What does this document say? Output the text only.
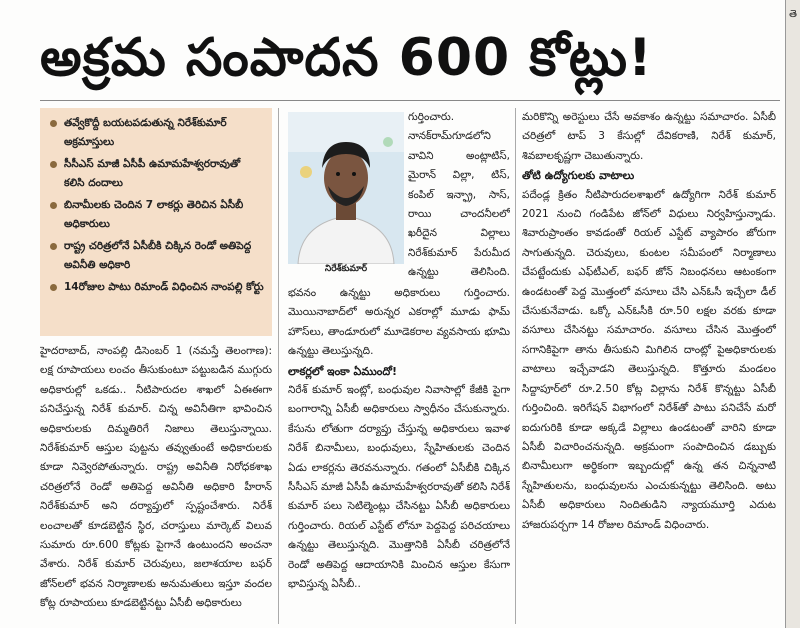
అక్రమ సంపాదన 600 కోట్లు!
తె
తవ్వేకొద్దీ బయటపడుతున్న నిరేశ్‌కుమార్ అక్రమాస్తులు
సీసీఎస్ మాజీ ఏసీపీ ఉమామహేశ్వరరావుతో కలిసి దందాలు
బినామీలకు చెందిన 7 లాకర్లు తెరిచిన ఏసీబీ అధికారులు
రాష్ట్ర చరిత్రలోనే ఏసీబీకి చిక్కిన రెండో అతిపెద్ద అవినీతి అధికారి
14రోజుల పాటు రిమాండ్ విధించిన నాంపల్లి కోర్టు

హైదరాబాద్, నాంపల్లి డిసెంబర్ 1 (నమస్తే తెలంగాణ): లక్ష రూపాయలు లంచం తీసుకుంటూ పట్టుబడిన ముగ్గురు అధికారుల్లో ఒకడు.. నీటిపారుదల శాఖలో ఏఈఈగా పనిచేస్తున్న నిరేశ్ కుమార్. చిన్న అవినీతిగా భావించిన అధికారులకు దిమ్మతిరిగే నిజాలు తెలుస్తున్నాయి. నిరేశ్‌కుమార్ ఆస్తుల పుట్టను తవ్వుతుంటే అధికారులకు కూడా నివ్వెరపోతున్నారు. రాష్ట్ర అవినీతి నిరోధకశాఖ చరిత్రలోనే రెండో అతిపెద్ద అవినీతి అధికారి హీరాన్ నిరేశ్‌కుమార్ అని దర్యాప్తులో స్పష్టంచేశారు. నిరేశ్ లంచాలతో కూడబెట్టిన స్థిర, చరాస్తులు మార్కెట్ విలువ సుమారు రూ.600 కోట్లకు పైగానే ఉంటుందని అంచనా వేశారు. నిరేశ్ కుమార్ చెరువులు, జలాశయాల బఫర్ జోన్‌లలో భవన నిర్మాణాలకు అనుమతులు ఇస్తూ వందల కోట్ల రూపాయలు కూడబెట్టినట్టు ఏసీబీ అధికారులు

నిరేశ్‌కుమార్

గుర్తించారు. నానక్‌రామ్‌గూడలోని వావిని అంట్లాటిస్, మైరాన్ విల్లా, టిస్, కంపిల్ ఇన్ఫ్రా, సాస్, రాయి చాందనీలలో ఖరీదైన విల్లాలు నిరేశ్‌కుమార్ పేరుమీద ఉన్నట్టు తెలిసింది.

భవనం ఉన్నట్టు అధికారులు గుర్తించారు. మొయినాబాద్‌లో అరున్నర ఎకరాల్లో మూడు ఫామ్ హౌస్‌లు, తాండూరులో మూడెకరాల వ్యవసాయ భూమి ఉన్నట్టు తెలుస్తున్నది.

లాకర్లలో ఇంకా ఏముందో!

నిరేశ్ కుమార్ ఇంట్లో, బంధువుల నివాసాల్లో కేజీకి పైగా బంగారాన్ని ఏసీబీ అధికారులు స్వాధీనం చేసుకున్నారు. కేసును లోతుగా దర్యాప్తు చేస్తున్న అధికారులు ఇవాళ నిరేశ్ బినామీలు, బంధువులు, స్నేహితులకు చెందిన ఏడు లాకర్లను తెరవనున్నారు. గతంలో ఏసీబీకి చిక్కిన సీసీఎస్ మాజీ ఏసీపీ ఉమామహేశ్వరరావుతో కలిసి నిరేశ్ కుమార్ పలు సెటిల్మెంట్లు చేసినట్టు ఏసీబీ అధికారులు గుర్తించారు. రియల్ ఎస్టేట్ లోనూ పెద్దపెద్ద పరిచయాలు ఉన్నట్టు తెలుస్తున్నది. మొత్తానికి ఏసీబీ చరిత్రలోనే రెండో అతిపెద్ద ఆదాయానికి మించిన ఆస్తుల కేసుగా భావిస్తున్న ఏసీబీ..

మరికొన్ని అరెస్టులు చేసే అవకాశం ఉన్నట్టు సమాచారం. ఏసీబీ చరిత్రలో టాప్ 3 కేసుల్లో దేవికరాణి, నిరేశ్ కుమార్, శివబాలకృష్ణగా చెబుతున్నారు.

తోటి ఉద్యోగులకు వాటాలు

పదేండ్ల క్రితం నీటిపారుదలశాఖలో ఉద్యోగిగా నిరేశ్ కుమార్ 2021 నుంచి గండిపేట జోన్‌లో విధులు నిర్వహిస్తున్నాడు. శివారుప్రాంతం కావడంతో రియల్ ఎస్టేట్ వ్యాపారం జోరుగా సాగుతున్నది. చెరువులు, కుంటల సమీపంలో నిర్మాణాలు చేపట్టేందుకు ఎఫ్‌టీఎల్, బఫర్ జోన్ నిబంధనలు ఆటంకంగా ఉండటంతో పెద్ద మొత్తంలో వసూలు చేసి ఎన్‌ఓసీ ఇచ్చేలా డీల్ చేసుకునేవాడు. ఒక్కో ఎన్‌ఓసీకి రూ.50 లక్షల వరకు కూడా వసూలు చేసినట్టు సమాచారం. వసూలు చేసిన మొత్తంలో సగానికిపైగా తాను తీసుకుని మిగిలిన దాంట్లో పైఅధికారులకు వాటాలు ఇచ్చేవాడని తెలుస్తున్నది. కొత్తూరు మండలం సిద్దాపూర్‌లో రూ.2.50 కోట్ల విల్లాను నిరేశ్ కొన్నట్టు ఏసీబీ గుర్తించింది. ఇరిగేషన్ విభాగంలో నిరేశ్‌తో పాటు పనిచేసే మరో ఐదుగురికి కూడా అక్కడే విల్లాలు ఉండటంతో వారిని కూడా ఏసీబీ విచారించనున్నది. అక్రమంగా సంపాదించిన డబ్బుకు బినామీలుగా అర్థికంగా ఇబ్బందుల్లో ఉన్న తన చిన్ననాటి స్నేహితులను, బంధువులను ఎంచుకున్నట్టు తెలిసింది. అటు ఏసీబీ అధికారులు నిందితుడిని న్యాయమూర్తి ఎదుట హాజరుపర్చగా 14 రోజుల రిమాండ్ విధించారు.
